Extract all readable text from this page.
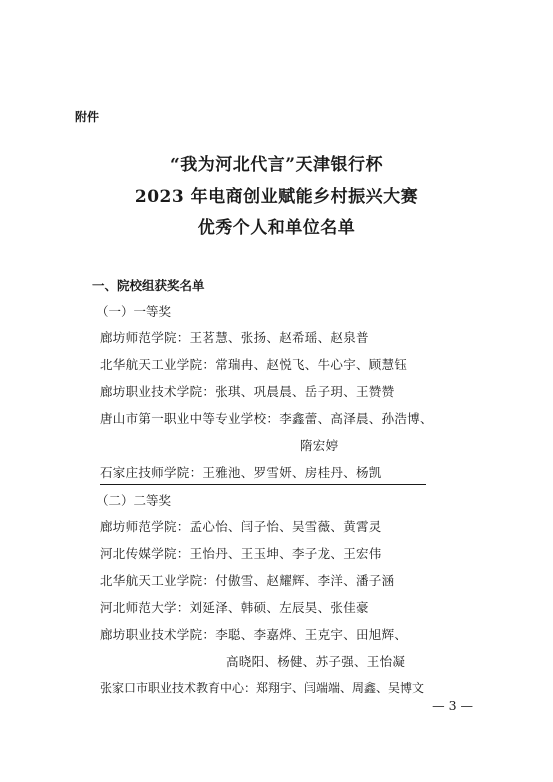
附件
“我为河北代言”天津银行杯
2023 年电商创业赋能乡村振兴大赛
优秀个人和单位名单
一、院校组获奖名单
（一）一等奖
廊坊师范学院：王茗慧、张扬、赵希瑶、赵泉普
北华航天工业学院：常瑞冉、赵悦飞、牛心宇、顾慧钰
廊坊职业技术学院：张琪、巩晨晨、岳子玥、王赞赞
唐山市第一职业中等专业学校：李鑫蕾、高泽晨、孙浩博、
隋宏婷
石家庄技师学院：王雅池、罗雪妍、房桂丹、杨凯
（二）二等奖
廊坊师范学院：孟心怡、闫子怡、吴雪薇、黄霄灵
河北传媒学院：王怡丹、王玉坤、李子龙、王宏伟
北华航天工业学院：付傲雪、赵耀辉、李洋、潘子涵
河北师范大学：刘延泽、韩硕、左辰昊、张佳豪
廊坊职业技术学院：李聪、李嘉烨、王克宇、田旭辉、
高晓阳、杨健、苏子强、王怡凝
张家口市职业技术教育中心：郑翔宇、闫端端、周鑫、吴博文
— 3 —
